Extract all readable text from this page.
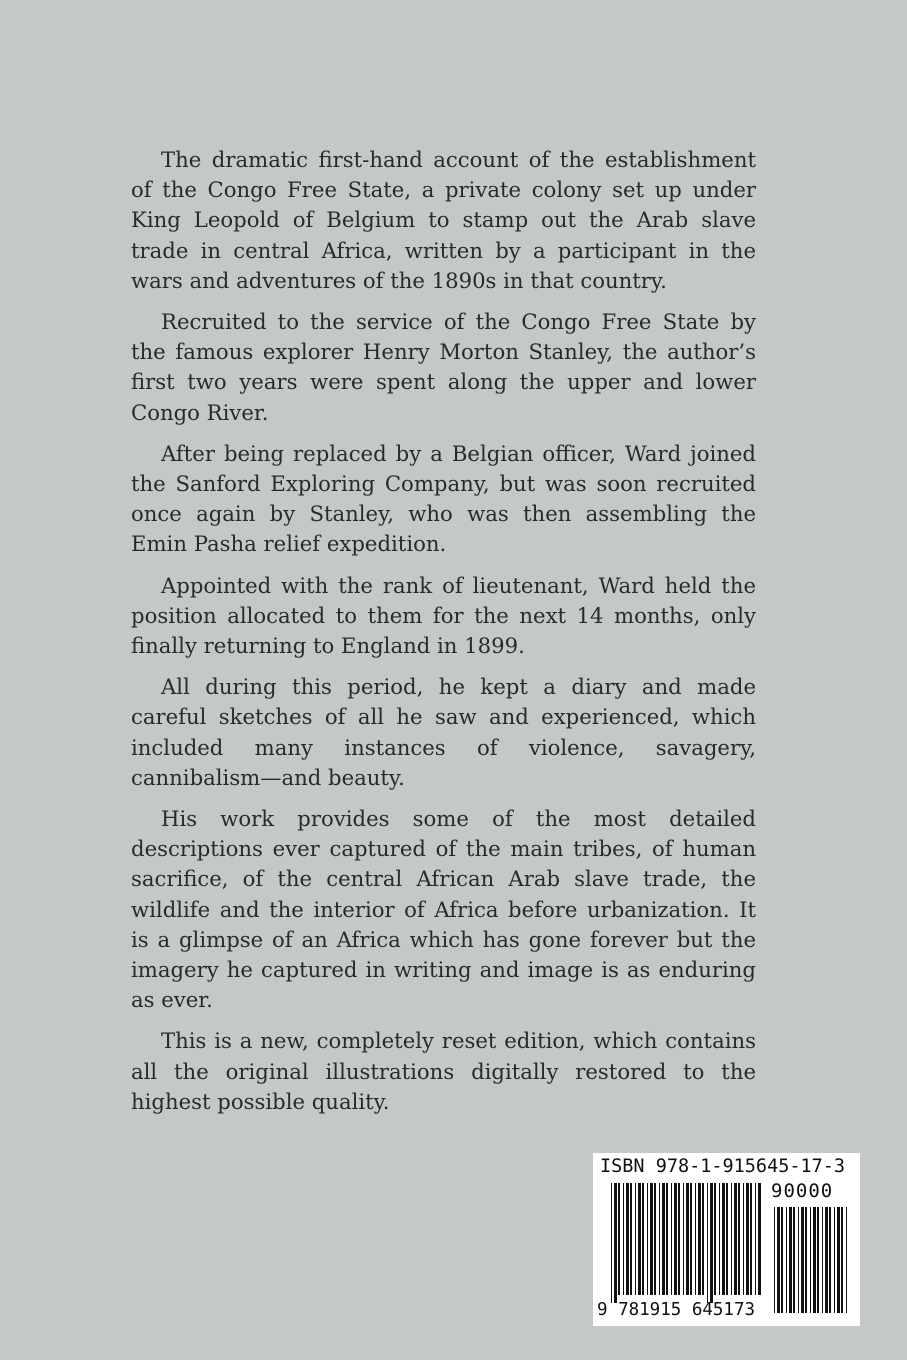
The dramatic first-hand account of the establishment of the Congo Free State, a private colony set up under King Leopold of Belgium to stamp out the Arab slave trade in central Africa, written by a participant in the wars and adventures of the 1890s in that country.

Recruited to the service of the Congo Free State by the famous explorer Henry Morton Stanley, the author’s first two years were spent along the upper and lower Congo River.

After being replaced by a Belgian officer, Ward joined the Sanford Exploring Company, but was soon recruited once again by Stanley, who was then assembling the Emin Pasha relief expedition.

Appointed with the rank of lieutenant, Ward held the position allocated to them for the next 14 months, only finally returning to England in 1899.

All during this period, he kept a diary and made careful sketches of all he saw and experienced, which included many instances of violence, savagery, cannibalism—and beauty.

His work provides some of the most detailed descriptions ever captured of the main tribes, of human sacrifice, of the central African Arab slave trade, the wildlife and the interior of Africa before urbanization. It is a glimpse of an Africa which has gone forever but the imagery he captured in writing and image is as enduring as ever.

This is a new, completely reset edition, which contains all the original illustrations digitally restored to the highest possible quality.

ISBN 978-1-915645-17-3
90000
9 781915 645173
